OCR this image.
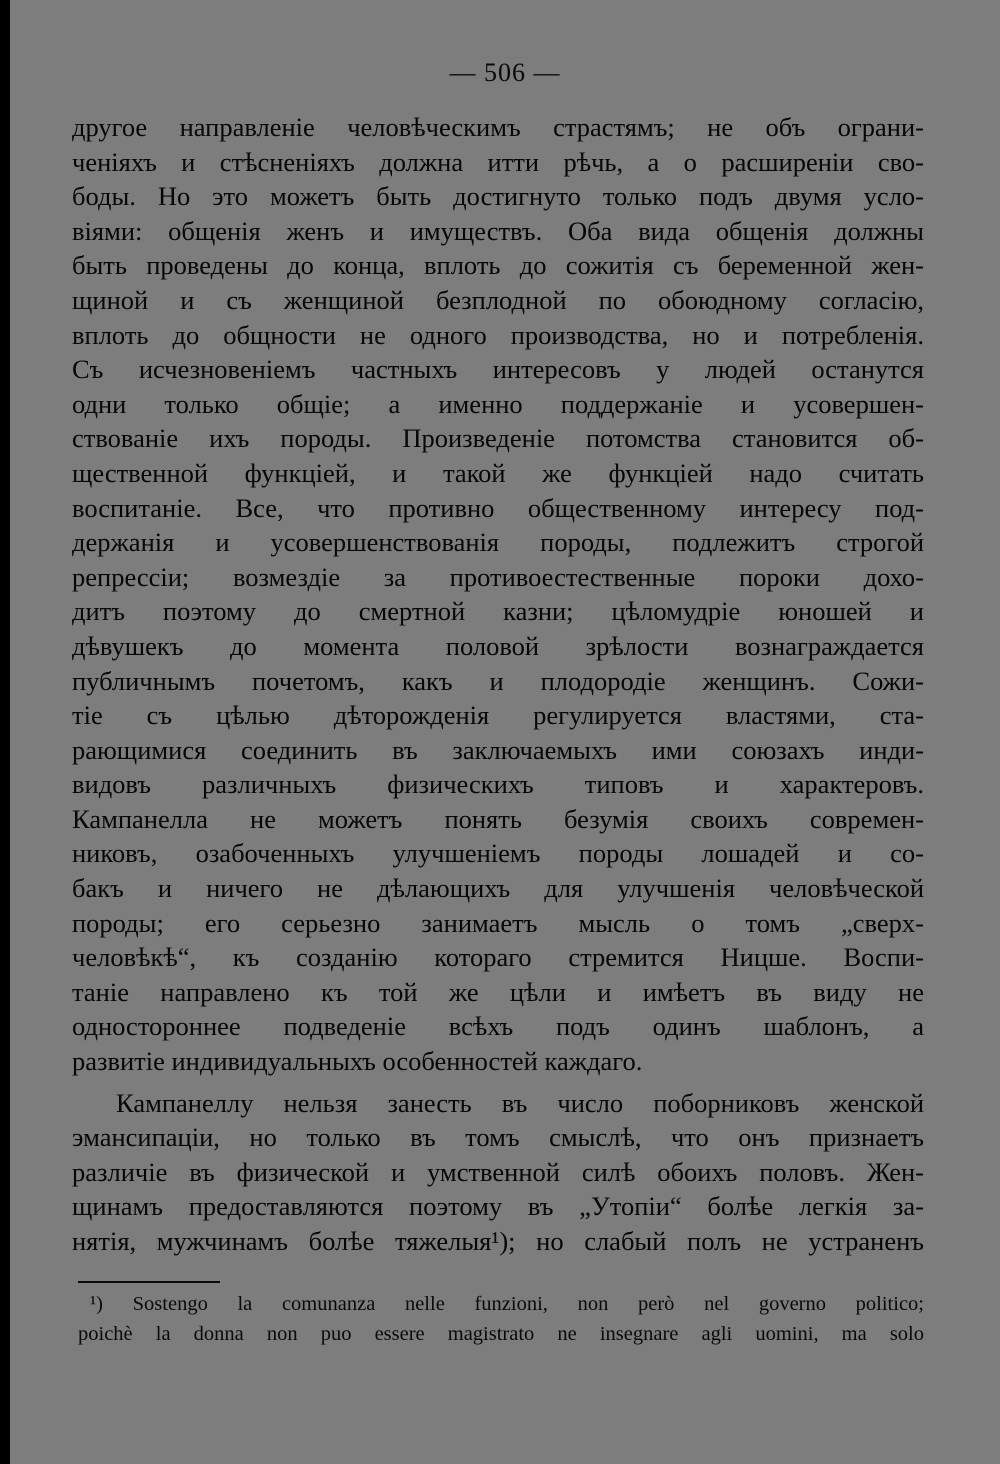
— 506 —
другое направленіе человѣческимъ страстямъ; не объ ограни-
ченіяхъ и стѣсненіяхъ должна итти рѣчь, а о расширеніи сво-
боды. Но это можетъ быть достигнуто только подъ двумя усло-
віями: общенія женъ и имуществъ. Оба вида общенія должны
быть проведены до конца, вплоть до сожитія съ беременной жен-
щиной и съ женщиной безплодной по обоюдному согласію,
вплоть до общности не одного производства, но и потребленія.
Съ исчезновеніемъ частныхъ интересовъ у людей останутся
одни только общіе; а именно поддержаніе и усовершен-
ствованіе ихъ породы. Произведеніе потомства становится об-
щественной функціей, и такой же функціей надо считать
воспитаніе. Все, что противно общественному интересу под-
держанія и усовершенствованія породы, подлежитъ строгой
репрессіи; возмездіе за противоестественные пороки дохо-
дитъ поэтому до смертной казни; цѣломудріе юношей и
дѣвушекъ до момента половой зрѣлости вознаграждается
публичнымъ почетомъ, какъ и плодородіе женщинъ. Сожи-
тіе съ цѣлью дѣторожденія регулируется властями, ста-
рающимися соединить въ заключаемыхъ ими союзахъ инди-
видовъ различныхъ физическихъ типовъ и характеровъ.
Кампанелла не можетъ понять безумія своихъ современ-
никовъ, озабоченныхъ улучшеніемъ породы лошадей и со-
бакъ и ничего не дѣлающихъ для улучшенія человѣческой
породы; его серьезно занимаетъ мысль о томъ „сверх-
человѣкѣ“, къ созданію котораго стремится Ницше. Воспи-
таніе направлено къ той же цѣли и имѣетъ въ виду не
одностороннее подведеніе всѣхъ подъ одинъ шаблонъ, а
развитіе индивидуальныхъ особенностей каждаго.
Кампанеллу нельзя занесть въ число поборниковъ женской
эмансипаціи, но только въ томъ смыслѣ, что онъ признаетъ
различіе въ физической и умственной силѣ обоихъ половъ. Жен-
щинамъ предоставляются поэтому въ „Утопіи“ болѣе легкія за-
нятія, мужчинамъ болѣе тяжелыя¹); но слабый полъ не устраненъ
¹) Sostengo la comunanza nelle funzioni, non però nel governo politico;
poichè la donna non puo essere magistrato ne insegnare agli uomini, ma solo
